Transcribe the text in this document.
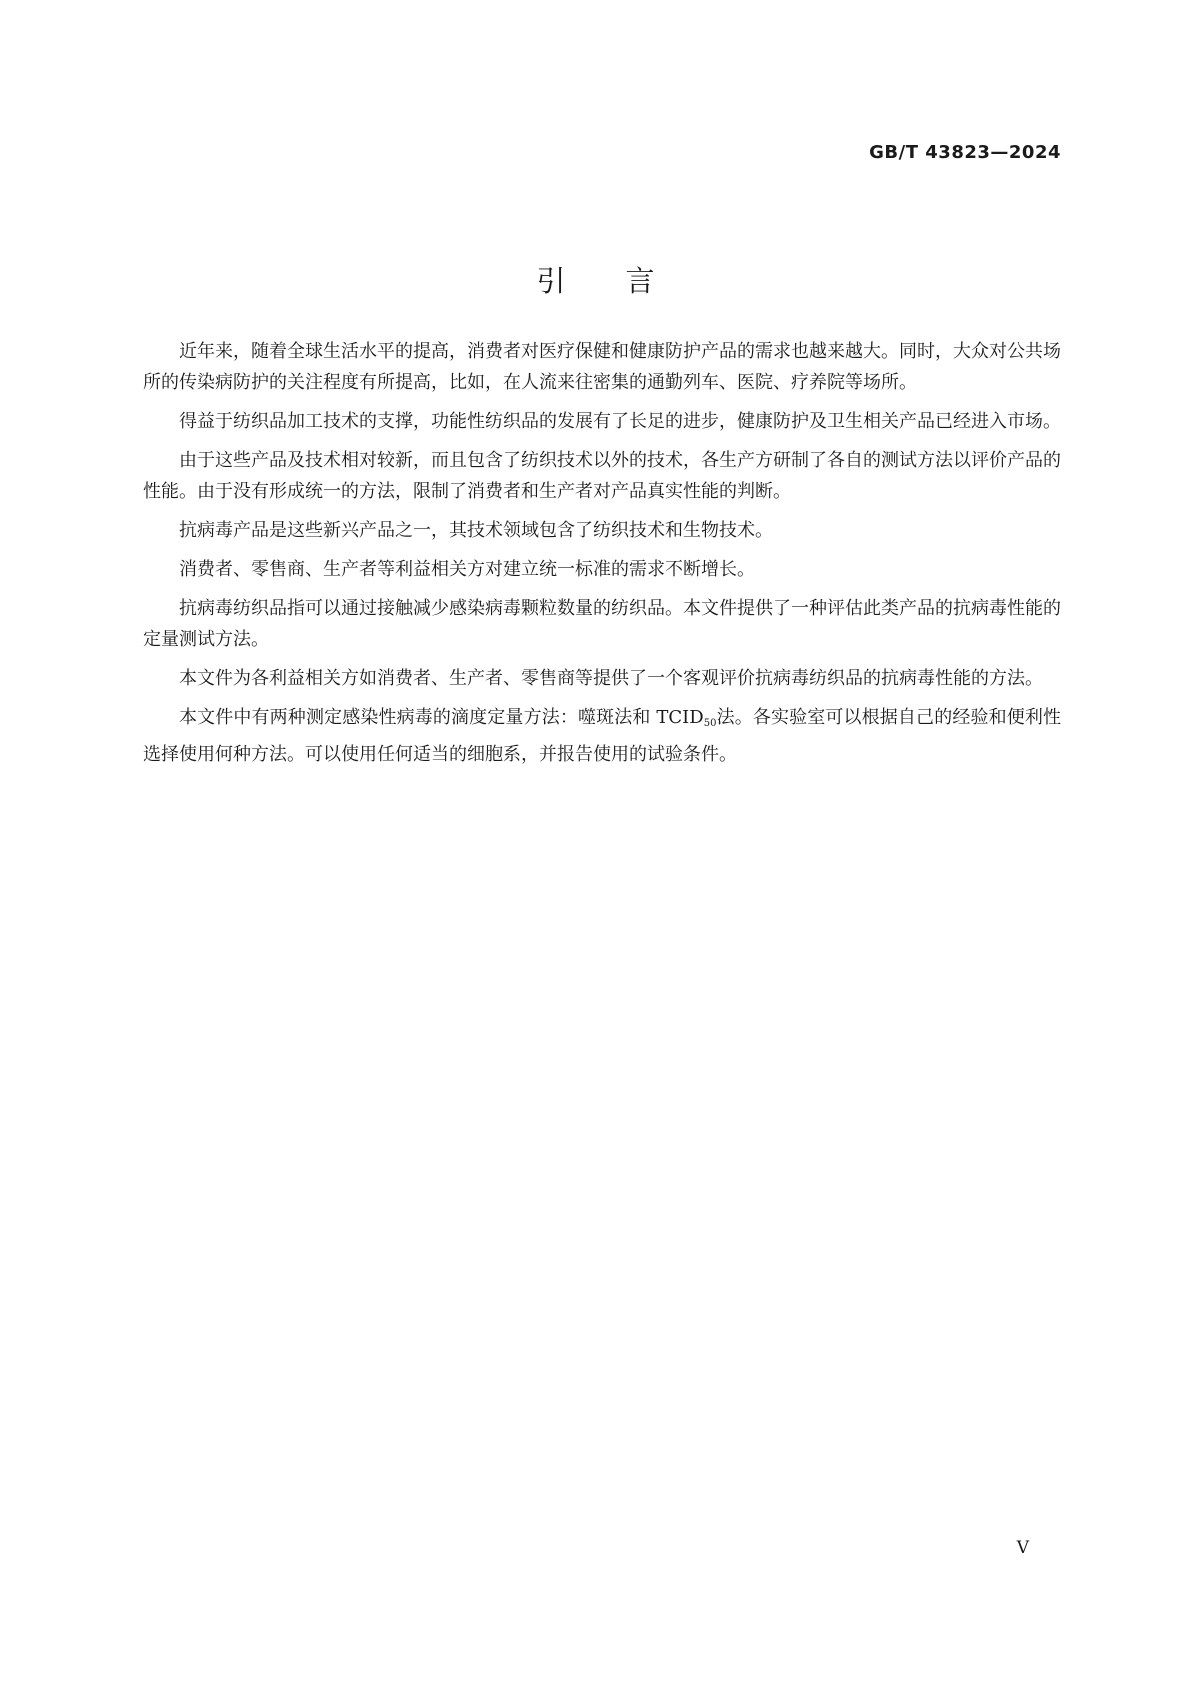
GB/T 43823—2024
引言

近年来，随着全球生活水平的提高，消费者对医疗保健和健康防护产品的需求也越来越大。同时，大众对公共场所的传染病防护的关注程度有所提高，比如，在人流来往密集的通勤列车、医院、疗养院等场所。

得益于纺织品加工技术的支撑，功能性纺织品的发展有了长足的进步，健康防护及卫生相关产品已经进入市场。

由于这些产品及技术相对较新，而且包含了纺织技术以外的技术，各生产方研制了各自的测试方法以评价产品的性能。由于没有形成统一的方法，限制了消费者和生产者对产品真实性能的判断。

抗病毒产品是这些新兴产品之一，其技术领域包含了纺织技术和生物技术。

消费者、零售商、生产者等利益相关方对建立统一标准的需求不断增长。

抗病毒纺织品指可以通过接触减少感染病毒颗粒数量的纺织品。本文件提供了一种评估此类产品的抗病毒性能的定量测试方法。

本文件为各利益相关方如消费者、生产者、零售商等提供了一个客观评价抗病毒纺织品的抗病毒性能的方法。

本文件中有两种测定感染性病毒的滴度定量方法：噬斑法和 $TCID_{50}$法。各实验室可以根据自己的经验和便利性选择使用何种方法。可以使用任何适当的细胞系，并报告使用的试验条件。

V
